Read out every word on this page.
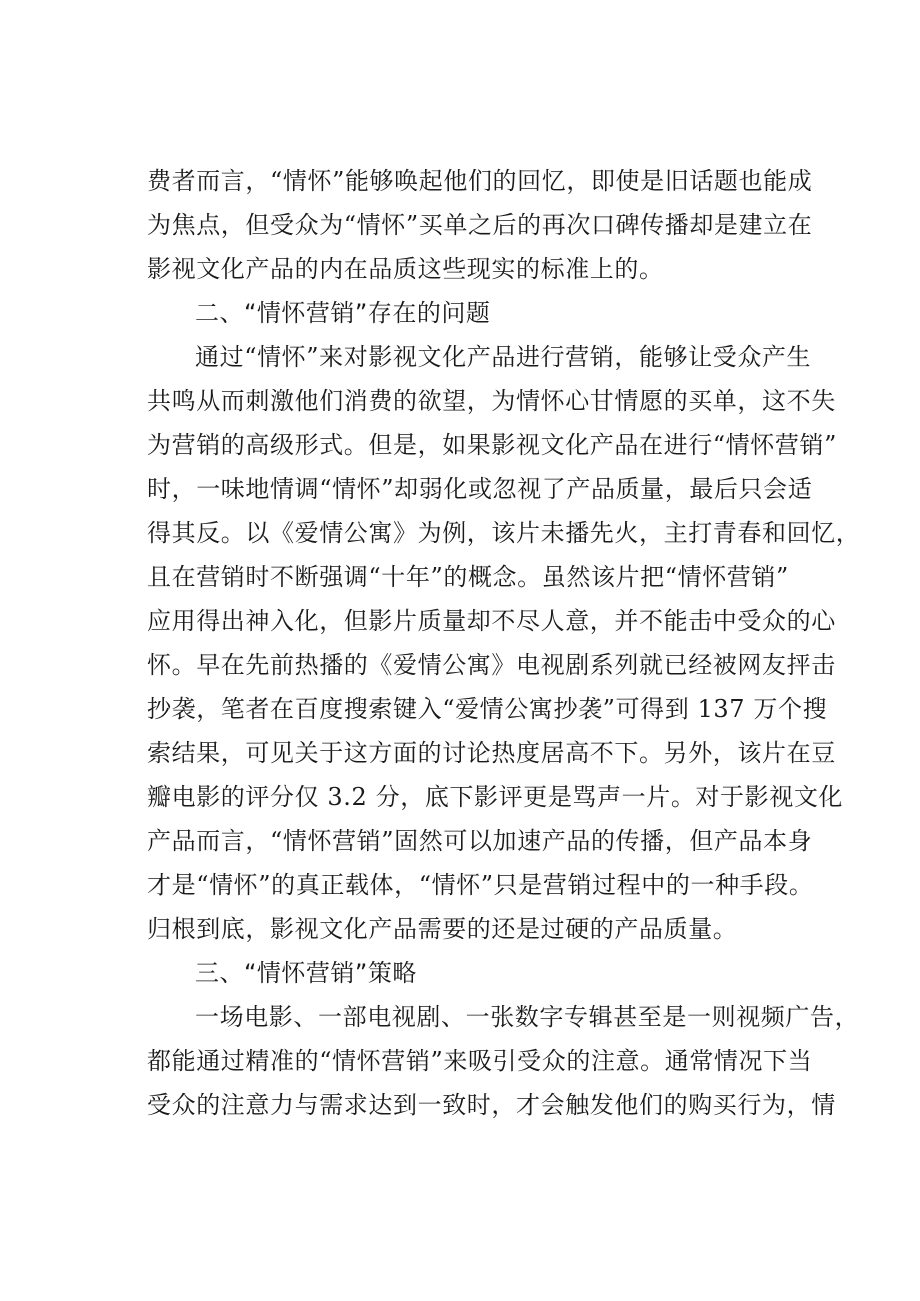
费者而言，“情怀”能够唤起他们的回忆，即使是旧话题也能成
为焦点，但受众为“情怀”买单之后的再次口碑传播却是建立在
影视文化产品的内在品质这些现实的标准上的。
二、“情怀营销”存在的问题
通过“情怀”来对影视文化产品进行营销，能够让受众产生
共鸣从而刺激他们消费的欲望，为情怀心甘情愿的买单，这不失
为营销的高级形式。但是，如果影视文化产品在进行“情怀营销”
时，一味地情调“情怀”却弱化或忽视了产品质量，最后只会适
得其反。以《爱情公寓》为例，该片未播先火，主打青春和回忆，
且在营销时不断强调“十年”的概念。虽然该片把“情怀营销”
应用得出神入化，但影片质量却不尽人意，并不能击中受众的心
怀。早在先前热播的《爱情公寓》电视剧系列就已经被网友抨击
抄袭，笔者在百度搜索键入“爱情公寓抄袭”可得到 137 万个搜
索结果，可见关于这方面的讨论热度居高不下。另外，该片在豆
瓣电影的评分仅 3.2 分，底下影评更是骂声一片。对于影视文化
产品而言，“情怀营销”固然可以加速产品的传播，但产品本身
才是“情怀”的真正载体，“情怀”只是营销过程中的一种手段。
归根到底，影视文化产品需要的还是过硬的产品质量。
三、“情怀营销”策略
一场电影、一部电视剧、一张数字专辑甚至是一则视频广告，
都能通过精准的“情怀营销”来吸引受众的注意。通常情况下当
受众的注意力与需求达到一致时，才会触发他们的购买行为，情
